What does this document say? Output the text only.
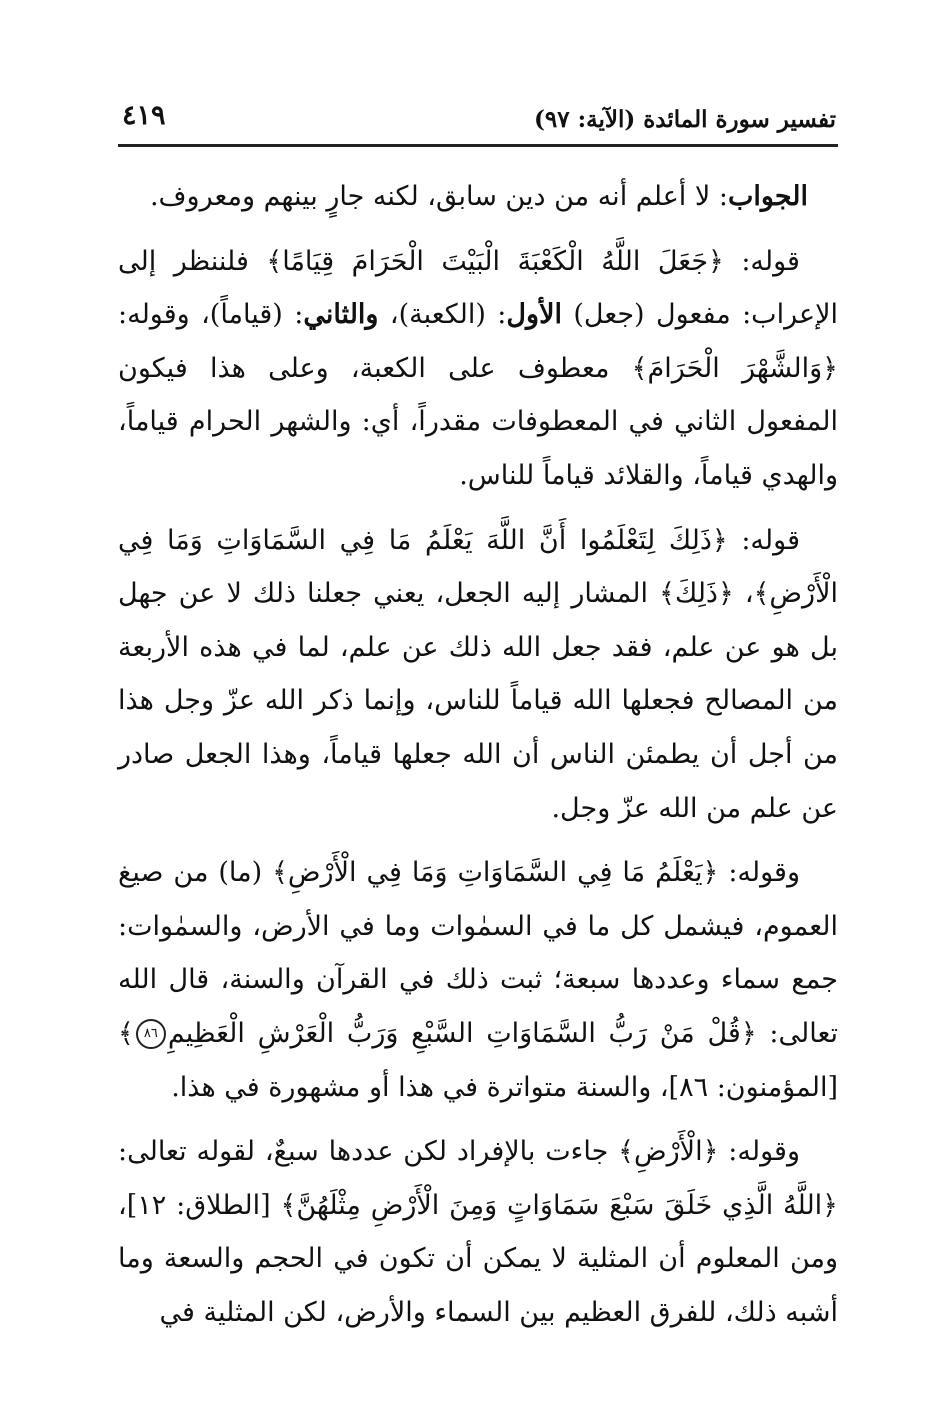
تفسير سورة المائدة (الآية: ٩٧)
٤١٩

الجواب: لا أعلم أنه من دين سابق، لكنه جارٍ بينهم ومعروف.

قوله: ﴿جَعَلَ اللَّهُ الْكَعْبَةَ الْبَيْتَ الْحَرَامَ قِيَامًا﴾ فلننظر إلى الإعراب: مفعول (جعل) الأول: (الكعبة)، والثاني: (قياماً)، وقوله: ﴿وَالشَّهْرَ الْحَرَامَ﴾ معطوف على الكعبة، وعلى هذا فيكون المفعول الثاني في المعطوفات مقدراً، أي: والشهر الحرام قياماً، والهدي قياماً، والقلائد قياماً للناس.

قوله: ﴿ذَلِكَ لِتَعْلَمُوا أَنَّ اللَّهَ يَعْلَمُ مَا فِي السَّمَاوَاتِ وَمَا فِي الْأَرْضِ﴾، ﴿ذَلِكَ﴾ المشار إليه الجعل، يعني جعلنا ذلك لا عن جهل بل هو عن علم، فقد جعل الله ذلك عن علم، لما في هذه الأربعة من المصالح فجعلها الله قياماً للناس، وإنما ذكر الله عزّ وجل هذا من أجل أن يطمئن الناس أن الله جعلها قياماً، وهذا الجعل صادر عن علم من الله عزّ وجل.

وقوله: ﴿يَعْلَمُ مَا فِي السَّمَاوَاتِ وَمَا فِي الْأَرْضِ﴾ (ما) من صيغ العموم، فيشمل كل ما في السمٰوات وما في الأرض، والسمٰوات: جمع سماء وعددها سبعة؛ ثبت ذلك في القرآن والسنة، قال الله تعالى: ﴿قُلْ مَنْ رَبُّ السَّمَاوَاتِ السَّبْعِ وَرَبُّ الْعَرْشِ الْعَظِيمِ٨٦﴾ [المؤمنون: ٨٦]، والسنة متواترة في هذا أو مشهورة في هذا.

وقوله: ﴿الْأَرْضِ﴾ جاءت بالإفراد لكن عددها سبعٌ، لقوله تعالى: ﴿اللَّهُ الَّذِي خَلَقَ سَبْعَ سَمَاوَاتٍ وَمِنَ الْأَرْضِ مِثْلَهُنَّ﴾ [الطلاق: ١٢]، ومن المعلوم أن المثلية لا يمكن أن تكون في الحجم والسعة وما أشبه ذلك، للفرق العظيم بين السماء والأرض، لكن المثلية في
